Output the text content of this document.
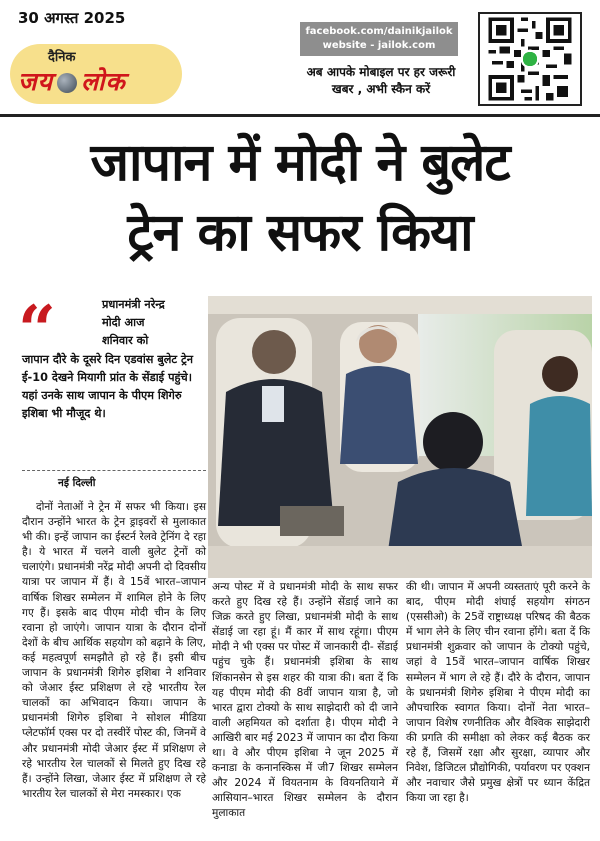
30 अगस्त 2025
दैनिक
जय लोक
facebook.com/dainikjailok
website - jailok.com
अब आपके मोबाइल पर हर जरूरी खबर , अभी स्कैन करें
जापान में मोदी ने बुलेट
ट्रेन का सफर किया
“	प्रधानमंत्री नरेन्द्र
मोदी आज
शनिवार को
जापान दौरे के दूसरे दिन एडवांस बुलेट ट्रेन ई-10 देखने मियागी प्रांत के सेंडाई पहुंचे। यहां उनके साथ जापान के पीएम शिगेरु इशिबा भी मौजूद थे।
नई दिल्ली

दोनों नेताओं ने ट्रेन में सफर भी किया। इस दौरान उन्होंने भारत के ट्रेन ड्राइवरों से मुलाकात भी की। इन्हें जापान का ईस्टर्न रेलवे ट्रेनिंग दे रहा है। ये भारत में चलने वाली बुलेट ट्रेनों को चलाएंगे। प्रधानमंत्री नरेंद्र मोदी अपनी दो दिवसीय यात्रा पर जापान में हैं। वे 15वें भारत–जापान वार्षिक शिखर सम्मेलन में शामिल होने के लिए गए हैं। इसके बाद पीएम मोदी चीन के लिए रवाना हो जाएंगे। जापान यात्रा के दौरान दोनों देशों के बीच आर्थिक सहयोग को बढ़ाने के लिए, कई महत्वपूर्ण समझौते हो रहे हैं। इसी बीच जापान के प्रधानमंत्री शिगेरु इशिबा ने शनिवार को जेआर ईस्ट प्रशिक्षण ले रहे भारतीय रेल चालकों का अभिवादन किया। जापान के प्रधानमंत्री शिगेरु इशिबा ने सोशल मीडिया प्लेटफॉर्म एक्स पर दो तस्वीरें पोस्ट की, जिनमें वे और प्रधानमंत्री मोदी जेआर ईस्ट में प्रशिक्षण ले रहे भारतीय रेल चालकों से मिलते हुए दिख रहे हैं। उन्होंने लिखा, जेआर ईस्ट में प्रशिक्षण ले रहे भारतीय रेल चालकों से मेरा नमस्कार। एक

अन्य पोस्ट में वे प्रधानमंत्री मोदी के साथ सफर करते हुए दिख रहे हैं। उन्होंने सेंडाई जाने का जिक्र करते हुए लिखा, प्रधानमंत्री मोदी के साथ सेंडाई जा रहा हूं। मैं कार में साथ रहूंगा। पीएम मोदी ने भी एक्स पर पोस्ट में जानकारी दी- सेंडाई पहुंच चुके हैं। प्रधानमंत्री इशिबा के साथ शिंकानसेन से इस शहर की यात्रा की। बता दें कि यह पीएम मोदी की 8वीं जापान यात्रा है, जो भारत द्वारा टोक्यो के साथ साझेदारी को दी जाने वाली अहमियत को दर्शाता है। पीएम मोदी ने आखिरी बार मई 2023 में जापान का दौरा किया था। वे और पीएम इशिबा ने जून 2025 में कनाडा के कनानस्किस में जी7 शिखर सम्मेलन और 2024 में वियतनाम के वियनतियाने में आसियान–भारत शिखर सम्मेलन के दौरान मुलाकात

की थी। जापान में अपनी व्यस्तताएं पूरी करने के बाद, पीएम मोदी शंघाई सहयोग संगठन (एससीओ) के 25वें राष्ट्राध्यक्ष परिषद की बैठक में भाग लेने के लिए चीन रवाना होंगे। बता दें कि प्रधानमंत्री शुक्रवार को जापान के टोक्यो पहुंचे, जहां वे 15वें भारत–जापान वार्षिक शिखर सम्मेलन में भाग ले रहे हैं। दौरे के दौरान, जापान के प्रधानमंत्री शिगेरु इशिबा ने पीएम मोदी का औपचारिक स्वागत किया। दोनों नेता भारत–जापान विशेष रणनीतिक और वैश्विक साझेदारी की प्रगति की समीक्षा को लेकर कई बैठक कर रहे हैं, जिसमें रक्षा और सुरक्षा, व्यापार और निवेश, डिजिटल प्रौद्योगिकी, पर्यावरण पर एक्शन और नवाचार जैसे प्रमुख क्षेत्रों पर ध्यान केंद्रित किया जा रहा है।
